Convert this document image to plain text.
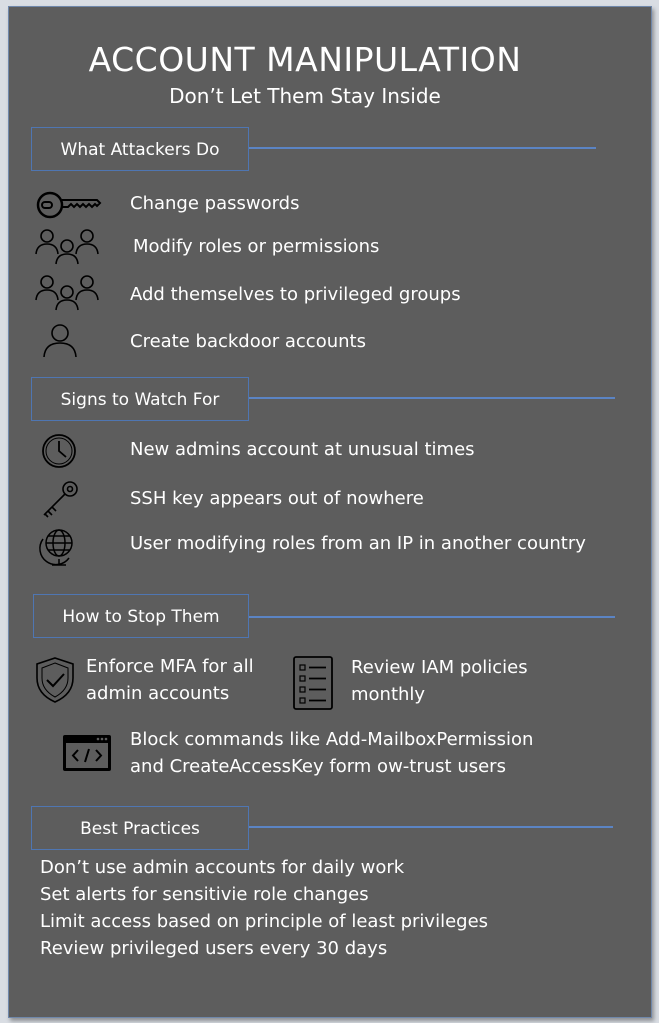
ACCOUNT MANIPULATION
Don’t Let Them Stay Inside
What Attackers Do
Change passwords
Modify roles or permissions
Add themselves to privileged groups
Create backdoor accounts
Signs to Watch For
New admins account at unusual times
SSH key appears out of nowhere
User modifying roles from an IP in another country
How to Stop Them
Enforce MFA for all
admin accounts
Review IAM policies
monthly
Block commands like Add-MailboxPermission
and CreateAccessKey form ow-trust users
Best Practices
Don’t use admin accounts for daily work
Set alerts for sensitivie role changes
Limit access based on principle of least privileges
Review privileged users every 30 days
